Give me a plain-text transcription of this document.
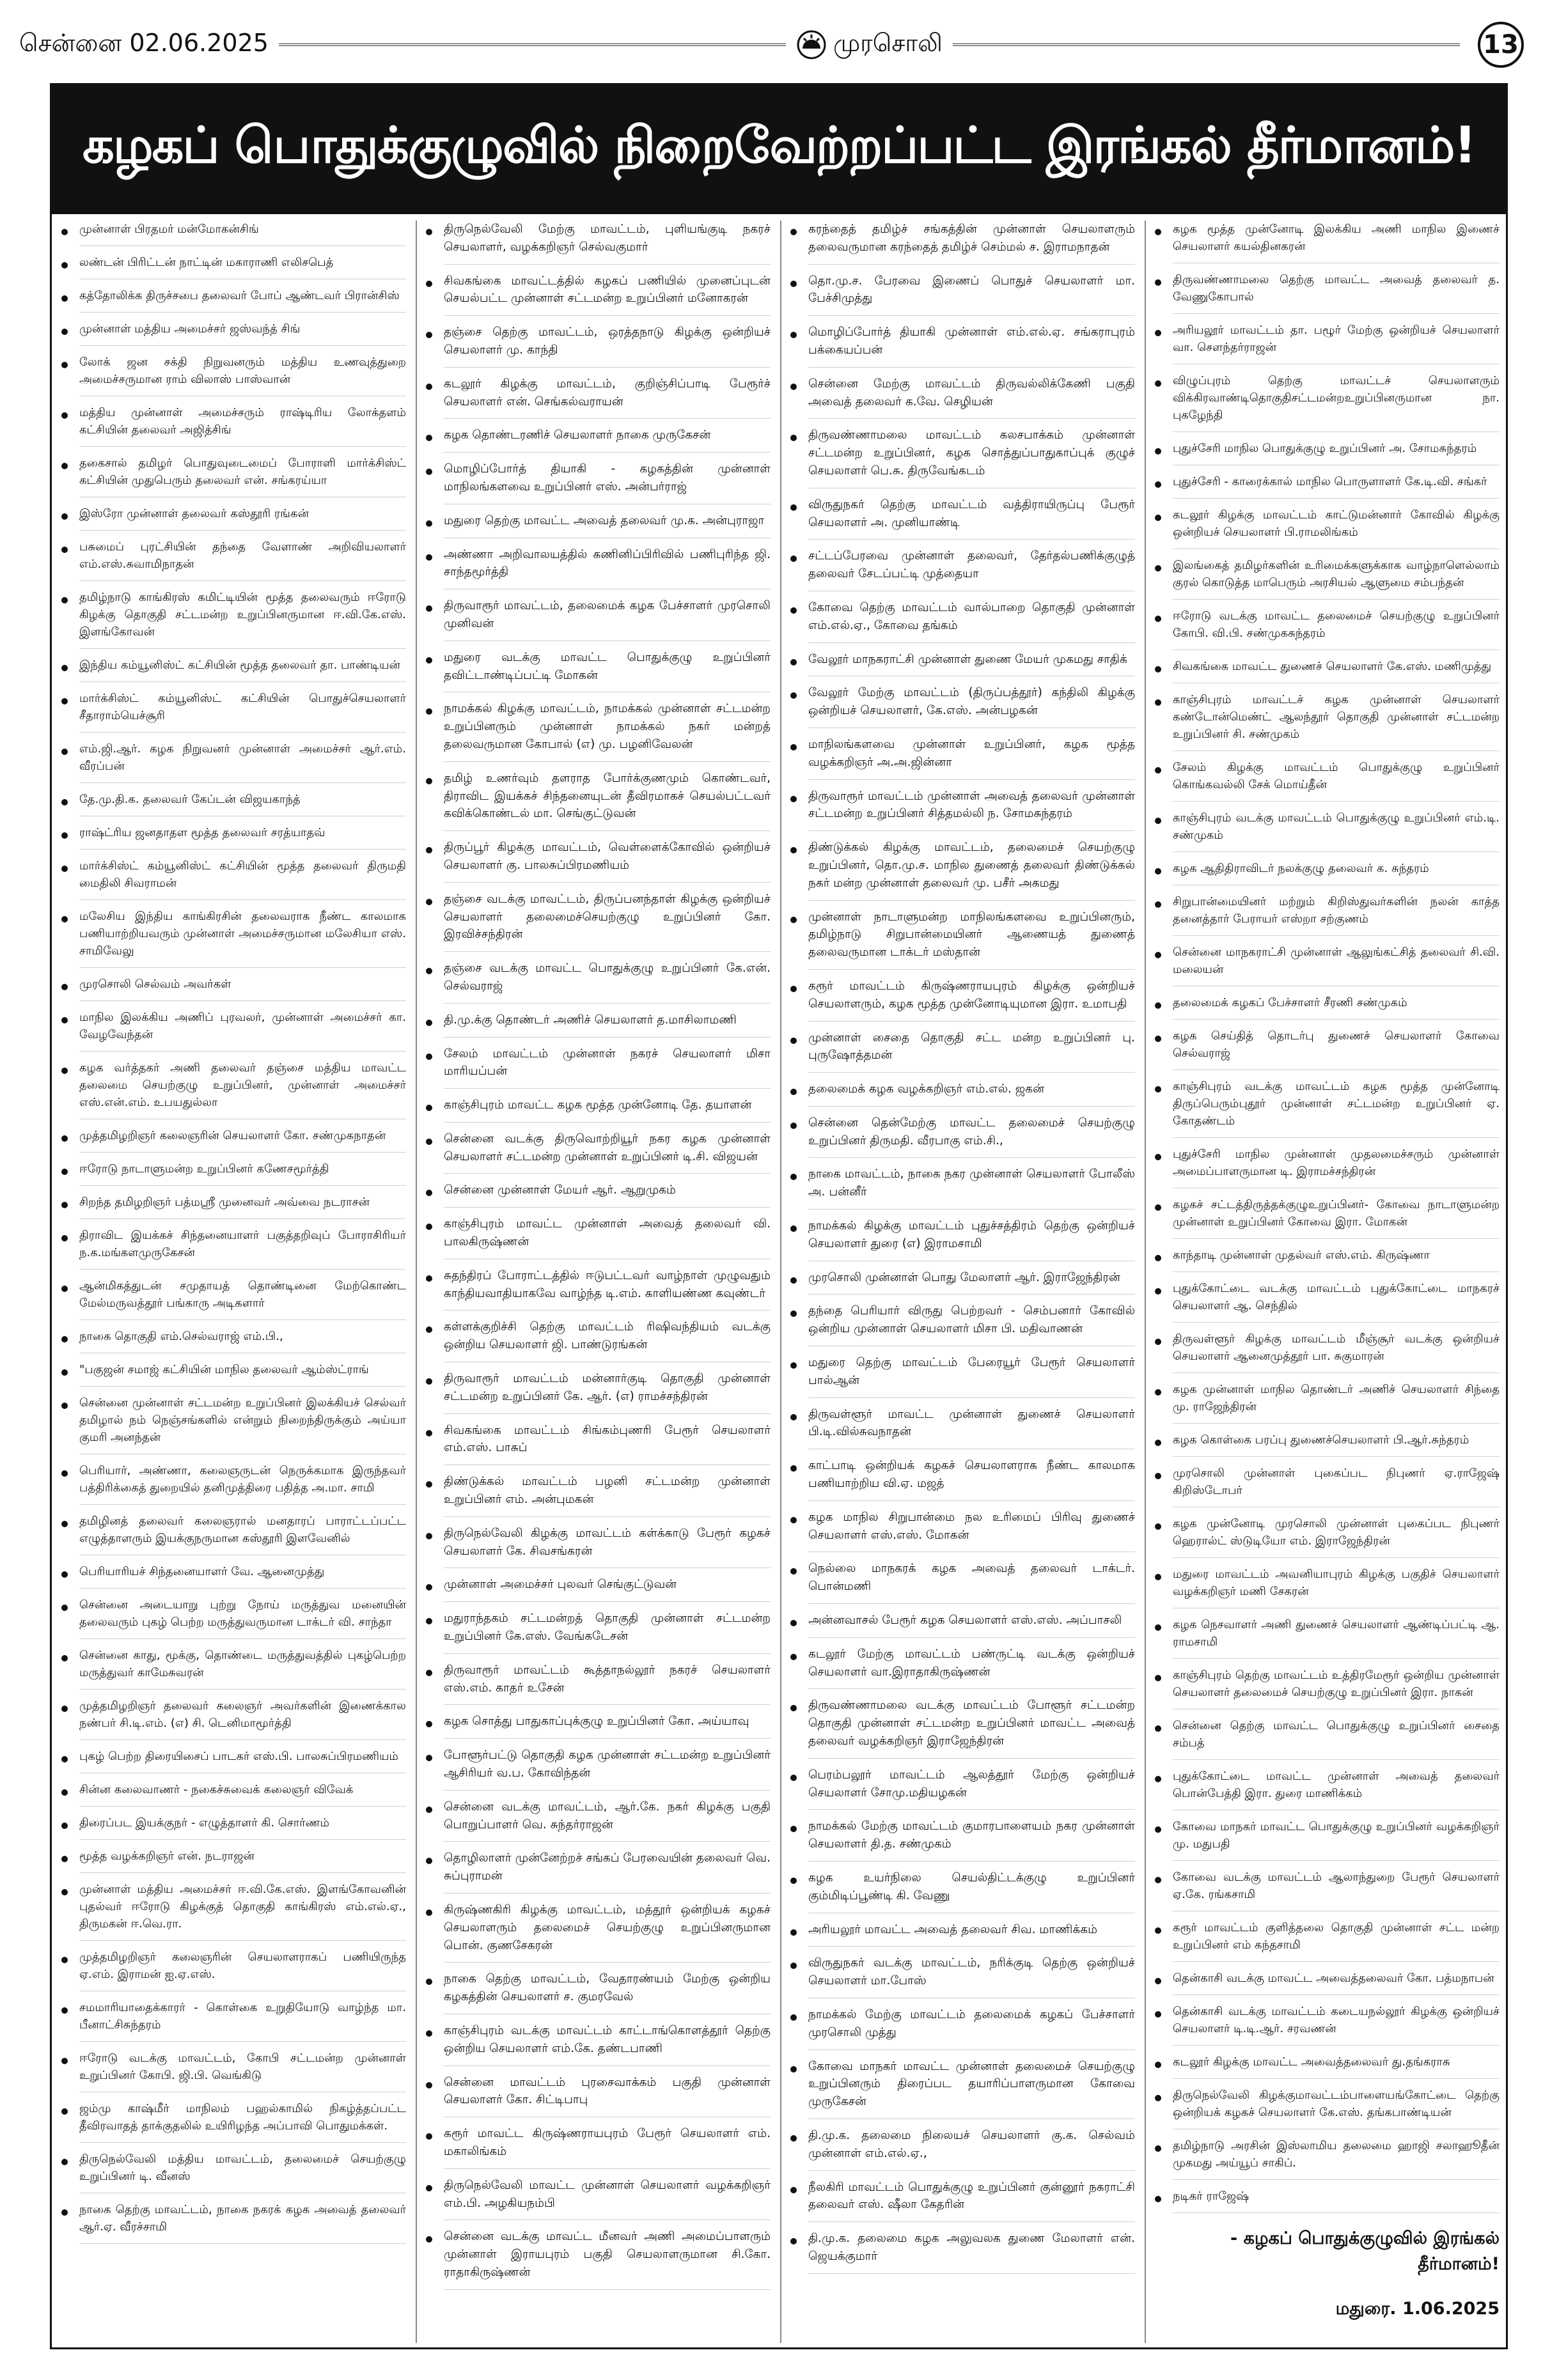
சென்னை 02.06.2025	முரசொலி	13
கழகப் பொதுக்குழுவில் நிறைவேற்றப்பட்ட இரங்கல் தீர்மானம்!
முன்னாள் பிரதமர் மன்மோகன்சிங்
லண்டன் பிரிட்டன் நாட்டின் மகாராணி எலிசபெத்
கத்தோலிக்க திருச்சபை தலைவர் போப் ஆண்டவர் பிரான்சிஸ்
முன்னாள் மத்திய அமைச்சர் ஜஸ்வந்த் சிங்
லோக் ஜன சக்தி நிறுவனரும் மத்திய உணவுத்துறை அமைச்சருமான ராம் விலாஸ் பாஸ்வான்
மத்திய முன்னாள் அமைச்சரும் ராஷ்டிரிய லோக்தளம் கட்சியின் தலைவர் அஜித்சிங்
தகைசால் தமிழர் பொதுவுடைமைப் போராளி மார்க்சிஸ்ட் கட்சியின் முதுபெரும் தலைவர் என். சங்கரய்யா
இஸ்ரோ முன்னாள் தலைவர் கஸ்தூரி ரங்கன்
பசுமைப் புரட்சியின் தந்தை வேளாண் அறிவியலாளர் எம்.எஸ்.சுவாமிநாதன்
தமிழ்நாடு காங்கிரஸ் கமிட்டியின் மூத்த தலைவரும் ஈரோடு கிழக்கு தொகுதி சட்டமன்ற உறுப்பினருமான ஈ.வி.கே.எஸ். இளங்கோவன்
இந்திய கம்யூனிஸ்ட் கட்சியின் மூத்த தலைவர் தா. பாண்டியன்
மார்க்சிஸ்ட் கம்யூனிஸ்ட் கட்சியின் பொதுச்செயலாளர் சீதாராம்யெச்சூரி
எம்.ஜி.ஆர். கழக நிறுவனர் முன்னாள் அமைச்சர் ஆர்.எம். வீரப்பன்
தே.மு.தி.க. தலைவர் கேப்டன் விஜயகாந்த்
ராஷ்ட்ரிய ஜனதாதள மூத்த தலைவர் சரத்யாதவ்
மார்க்சிஸ்ட் கம்யூனிஸ்ட் கட்சியின் மூத்த தலைவர் திருமதி மைதிலி சிவராமன்
மலேசிய இந்திய காங்கிரசின் தலைவராக நீண்ட காலமாக பணியாற்றியவரும் முன்னாள் அமைச்சருமான மலேசியா எஸ். சாமிவேலு
முரசொலி செல்வம் அவர்கள்
மாநில இலக்கிய அணிப் புரவலர், முன்னாள் அமைச்சர் கா. வேழவேந்தன்
கழக வர்த்தகர் அணி தலைவர் தஞ்சை மத்திய மாவட்ட தலைமை செயற்குழு உறுப்பினர், முன்னாள் அமைச்சர் எஸ்.என்.எம். உபயதுல்லா
முத்தமிழறிஞர் கலைஞரின் செயலாளர் கோ. சண்முகநாதன்
ஈரோடு நாடாளுமன்ற உறுப்பினர் கணேசமூர்த்தி
சிறந்த தமிழறிஞர் பத்மஸ்ரீ முனைவர் அவ்வை நடராசன்
திராவிட இயக்கச் சிந்தனையாளர் பகுத்தறிவுப் போராசிரியர் ந.க.மங்களமுருகேசன்
ஆன்மிகத்துடன் சமுதாயத் தொண்டினை மேற்கொண்ட மேல்மருவத்தூர் பங்காரு அடிகளார்
நாகை தொகுதி எம்.செல்வராஜ் எம்.பி.,
"பகுஜன் சமாஜ் கட்சியின் மாநில தலைவர் ஆம்ஸ்ட்ராங்
சென்னை முன்னாள் சட்டமன்ற உறுப்பினர் இலக்கியச் செல்வர் தமிழால் நம் நெஞ்சங்களில் என்றும் நிறைந்திருக்கும் அய்யா குமரி அனந்தன்
பெரியார், அண்ணா, கலைஞருடன் நெருக்கமாக இருந்தவர் பத்திரிக்கைத் துறையில் தனிமுத்திரை பதித்த அ.மா. சாமி
தமிழினத் தலைவர் கலைஞரால் மனதாரப் பாராட்டப்பட்ட எழுத்தாளரும் இயக்குநருமான கஸ்தூரி இளவேனில்
பெரியாரியச் சிந்தனையாளர் வே. ஆனைமுத்து
சென்னை அடையாறு புற்று நோய் மருத்துவ மனையின் தலைவரும் புகழ் பெற்ற மருத்துவருமான டாக்டர் வி. சாந்தா
சென்னை காது, மூக்கு, தொண்டை மருத்துவத்தில் புகழ்பெற்ற மருத்துவர் காமேசுவரன்
முத்தமிழறிஞர் தலைவர் கலைஞர் அவர்களின் இணைக்கால நண்பர் சி.டி.எம். (எ) சி. டெனிமாமூர்த்தி
புகழ் பெற்ற திரையிசைப் பாடகர் எஸ்.பி. பாலசுப்பிரமணியம்
சின்ன கலைவாணர் - நகைச்சுவைக் கலைஞர் விவேக்
திரைப்பட இயக்குநர் - எழுத்தாளர் கி. சொர்ணம்
மூத்த வழக்கறிஞர் என். நடராஜன்
முன்னாள் மத்திய அமைச்சர் ஈ.வி.கே.எஸ். இளங்கோவனின் புதல்வர் ஈரோடு கிழக்குத் தொகுதி காங்கிரஸ் எம்.எல்.ஏ., திருமகன் ஈ.வெ.ரா.
முத்தமிழறிஞர் கலைஞரின் செயலாளராகப் பணியிருந்த ஏ.எம். இராமன் ஐ.ஏ.எஸ்.
சமமாரியாதைக்காரர் - கொள்கை உறுதியோடு வாழ்ந்த மா. பீனாட்சிசுந்தரம்
ஈரோடு வடக்கு மாவட்டம், கோபி சட்டமன்ற முன்னாள் உறுப்பினர் கோபி. ஜி.பி. வெங்கிடு
ஜம்மு காஷ்மீர் மாநிலம் பஹல்காமில் நிகழ்த்தப்பட்ட தீவிரவாதத் தாக்குதலில் உயிரிழந்த அப்பாவி பொதுமக்கள்.
திருநெல்வேலி மத்திய மாவட்டம், தலைமைச் செயற்குழு உறுப்பினர் டி. வீனஸ்
நாகை தெற்கு மாவட்டம், நாகை நகரக் கழக அவைத் தலைவர் ஆர்.ஏ. வீரச்சாமி
திருநெல்வேலி மேற்கு மாவட்டம், புளியங்குடி நகரச் செயலாளர், வழக்கறிஞர் செல்வகுமார்
சிவகங்கை மாவட்டத்தில் கழகப் பணியில் முனைப்புடன் செயல்பட்ட முன்னாள் சட்டமன்ற உறுப்பினர் மனோகரன்
தஞ்சை தெற்கு மாவட்டம், ஒரத்தநாடு கிழக்கு ஒன்றியச் செயலாளர் மு. காந்தி
கடலூர் கிழக்கு மாவட்டம், குறிஞ்சிப்பாடி பேரூர்ச் செயலாளர் என். செங்கல்வராயன்
கழக தொண்டரணிச் செயலாளர் நாகை முருகேசன்
மொழிப்போர்த் தியாகி - கழகத்தின் முன்னாள் மாநிலங்களவை உறுப்பினர் எஸ். அன்பர்ராஜ்
மதுரை தெற்கு மாவட்ட அவைத் தலைவர் மு.க. அன்புராஜா
அண்ணா அறிவாலயத்தில் கணினிப்பிரிவில் பணிபுரிந்த ஜி. சாந்தமூர்த்தி
திருவாரூர் மாவட்டம், தலைமைக் கழக பேச்சாளர் முரசொலி முனிவன்
மதுரை வடக்கு மாவட்ட பொதுக்குழு உறுப்பினர் தவிட்டாண்டிப்பட்டி மோகன்
நாமக்கல் கிழக்கு மாவட்டம், நாமக்கல் முன்னாள் சட்டமன்ற உறுப்பினரும் முன்னாள் நாமக்கல் நகர் மன்றத் தலைவருமான கோபால் (எ) மு. பழனிவேலன்
தமிழ் உணர்வும் தளராத போர்க்குணமும் கொண்டவர், திராவிட இயக்கச் சிந்தனையுடன் தீவிரமாகச் செயல்பட்டவர் கவிக்கொண்டல் மா. செங்குட்டுவன்
திருப்பூர் கிழக்கு மாவட்டம், வெள்ளைக்கோவில் ஒன்றியச் செயலாளர் கு. பாலசுப்பிரமணியம்
தஞ்சை வடக்கு மாவட்டம், திருப்பனந்தாள் கிழக்கு ஒன்றியச் செயலாளர் தலைமைச்செயற்குழு உறுப்பினர் கோ. இரவிச்சந்திரன்
தஞ்சை வடக்கு மாவட்ட பொதுக்குழு உறுப்பினர் கே.என். செல்வராஜ்
தி.மு.க்கு தொண்டர் அணிச் செயலாளர் த.மாசிலாமணி
சேலம் மாவட்டம் முன்னாள் நகரச் செயலாளர் மிசா மாரியப்பன்
காஞ்சிபுரம் மாவட்ட கழக மூத்த முன்னோடி தே. தயாளன்
சென்னை வடக்கு திருவொற்றியூர் நகர கழக முன்னாள் செயலாளர் சட்டமன்ற முன்னாள் உறுப்பினர் டி.சி. விஜயன்
சென்னை முன்னாள் மேயர் ஆர். ஆறுமுகம்
காஞ்சிபுரம் மாவட்ட முன்னாள் அவைத் தலைவர் வி. பாலகிருஷ்ணன்
சுதந்திரப் போராட்டத்தில் ஈடுபட்டவர் வாழ்நாள் முழுவதும் காந்தியவாதியாகவே வாழ்ந்த டி.எம். காளியண்ண கவுண்டர்
கள்ளக்குறிச்சி தெற்கு மாவட்டம் ரிஷிவந்தியம் வடக்கு ஒன்றிய செயலாளர் ஜி. பாண்டுரங்கன்
திருவாரூர் மாவட்டம் மன்னார்குடி தொகுதி முன்னாள் சட்டமன்ற உறுப்பினர் கே. ஆர். (எ) ராமச்சந்திரன்
சிவகங்கை மாவட்டம் சிங்கம்புணரி பேரூர் செயலாளர் எம்.எஸ். பாசுப்
திண்டுக்கல் மாவட்டம் பழனி சட்டமன்ற முன்னாள் உறுப்பினர் எம். அன்புமகன்
திருநெல்வேலி கிழக்கு மாவட்டம் கள்க்காடு பேரூர் கழகச் செயலாளர் கே. சிவசங்கரன்
முன்னாள் அமைச்சர் புலவர் செங்குட்டுவன்
மதுராந்தகம் சட்டமன்றத் தொகுதி முன்னாள் சட்டமன்ற உறுப்பினர் கே.எஸ். வேங்கடேசன்
திருவாரூர் மாவட்டம் கூத்தாநல்லூர் நகரச் செயலாளர் எஸ்.எம். காதர் உசேன்
கழக சொத்து பாதுகாப்புக்குழு உறுப்பினர் கோ. அய்யாவு
போளூர்பட்டு தொகுதி கழக முன்னாள் சட்டமன்ற உறுப்பினர் ஆசிரியர் வ.ப. கோவிந்தன்
சென்னை வடக்கு மாவட்டம், ஆர்.கே. நகர் கிழக்கு பகுதி பொறுப்பாளர் வெ. சுந்தர்ராஜன்
தொழிலாளர் முன்னேற்றச் சங்கப் பேரவையின் தலைவர் வெ. சுப்புராமன்
கிருஷ்ணகிரி கிழக்கு மாவட்டம், மத்தூர் ஒன்றியக் கழகச் செயலாளரும் தலைமைச் செயற்குழு உறுப்பினருமான பொன். குணசேகரன்
நாகை தெற்கு மாவட்டம், வேதாரண்யம் மேற்கு ஒன்றிய கழகத்தின் செயலாளர் ச. குமரவேல்
காஞ்சிபுரம் வடக்கு மாவட்டம் காட்டாங்கொளத்தூர் தெற்கு ஒன்றிய செயலாளர் எம்.கே. தண்டபாணி
சென்னை மாவட்டம் புரசைவாக்கம் பகுதி முன்னாள் செயலாளர் கோ. சிட்டிபாபு
கரூர் மாவட்ட கிருஷ்ணராயபுரம் பேரூர் செயலாளர் எம். மகாலிங்கம்
திருநெல்வேலி மாவட்ட முன்னாள் செயலாளர் வழக்கறிஞர் எம்.பி. அழகியநம்பி
சென்னை வடக்கு மாவட்ட மீனவர் அணி அமைப்பாளரும் முன்னாள் இராயபுரம் பகுதி செயலாளருமான சி.கோ. ராதாகிருஷ்ணன்
கரந்தைத் தமிழ்ச் சங்கத்தின் முன்னாள் செயலாளரும் தலைவருமான கரந்தைத் தமிழ்ச் செம்மல் ச. இராமநாதன்
தொ.மு.ச. பேரவை இணைப் பொதுச் செயலாளர் மா. பேச்சிமுத்து
மொழிப்போர்த் தியாகி முன்னாள் எம்.எல்.ஏ. சங்கராபுரம் பக்கையப்பன்
சென்னை மேற்கு மாவட்டம் திருவல்லிக்கேணி பகுதி அவைத் தலைவர் க.வே. செழியன்
திருவண்ணாமலை மாவட்டம் கலசபாக்கம் முன்னாள் சட்டமன்ற உறுப்பினர், கழக சொத்துப்பாதுகாப்புக் குழுச் செயலாளர் பெ.சு. திருவேங்கடம்
விருதுநகர் தெற்கு மாவட்டம் வத்திராயிருப்பு பேரூர் செயலாளர் அ. முனியாண்டி
சட்டப்பேரவை முன்னாள் தலைவர், தேர்தல்பணிக்குழுத் தலைவர் சேடப்பட்டி முத்தையா
கோவை தெற்கு மாவட்டம் வால்பாறை தொகுதி முன்னாள் எம்.எல்.ஏ., கோவை தங்கம்
வேலூர் மாநகராட்சி முன்னாள் துணை மேயர் முகமது சாதிக்
வேலூர் மேற்கு மாவட்டம் (திருப்பத்தூர்) கந்திலி கிழக்கு ஒன்றியச் செயலாளர், கே.எஸ். அன்பழகன்
மாநிலங்களவை முன்னாள் உறுப்பினர், கழக மூத்த வழக்கறிஞர் அ.அ.ஜின்னா
திருவாரூர் மாவட்டம் முன்னாள் அவைத் தலைவர் முன்னாள் சட்டமன்ற உறுப்பினர் சித்தமல்லி ந. சோமசுந்தரம்
திண்டுக்கல் கிழக்கு மாவட்டம், தலைமைச் செயற்குழு உறுப்பினர், தொ.மு.ச. மாநில துணைத் தலைவர் திண்டுக்கல் நகர் மன்ற முன்னாள் தலைவர் மு. பசீர் அகமது
முன்னாள் நாடாளுமன்ற மாநிலங்களவை உறுப்பினரும், தமிழ்நாடு சிறுபான்மையினர் ஆணையத் துணைத் தலைவருமான டாக்டர் மஸ்தான்
கரூர் மாவட்டம் கிருஷ்ணராயபுரம் கிழக்கு ஒன்றியச் செயலாளரும், கழக மூத்த முன்னோடியுமான இரா. உமாபதி
முன்னாள் சைதை தொகுதி சட்ட மன்ற உறுப்பினர் பு. புருஷோத்தமன்
தலைமைக் கழக வழக்கறிஞர் எம்.எல். ஜகன்
சென்னை தென்மேற்கு மாவட்ட தலைமைச் செயற்குழு உறுப்பினர் திருமதி. வீரபாகு எம்.சி.,
நாகை மாவட்டம், நாகை நகர முன்னாள் செயலாளர் போலீஸ் அ. பன்னீர்
நாமக்கல் கிழக்கு மாவட்டம் புதுச்சத்திரம் தெற்கு ஒன்றியச் செயலாளர் துரை (எ) இராமசாமி
முரசொலி முன்னாள் பொது மேலாளர் ஆர். இராஜேந்திரன்
தந்தை பெரியார் விருது பெற்றவர் - செம்பனார் கோவில் ஒன்றிய முன்னாள் செயலாளர் மிசா பி. மதிவாணன்
மதுரை தெற்கு மாவட்டம் பேரையூர் பேரூர் செயலாளர் பால்ஆன்
திருவள்ளூர் மாவட்ட முன்னாள் துணைச் செயலாளர் பி.டி.வில்சுவநாதன்
காட்பாடி ஒன்றியக் கழகச் செயலாளராக நீண்ட காலமாக பணியாற்றிய வி.ஏ. மஜத்
கழக மாநில சிறுபான்மை நல உரிமைப் பிரிவு துணைச் செயலாளர் எஸ்.எஸ். மோகன்
நெல்லை மாநகரக் கழக அவைத் தலைவர் டாக்டர். பொன்மணி
அன்னவாசல் பேரூர் கழக செயலாளர் எஸ்.எஸ். அப்பாசலி
கடலூர் மேற்கு மாவட்டம் பண்ருட்டி வடக்கு ஒன்றியச் செயலாளர் வா.இராதாகிருஷ்ணன்
திருவண்ணாமலை வடக்கு மாவட்டம் போளூர் சட்டமன்ற தொகுதி முன்னாள் சட்டமன்ற உறுப்பினர் மாவட்ட அவைத் தலைவர் வழக்கறிஞர் இராஜேந்திரன்
பெரம்பலூர் மாவட்டம் ஆலத்தூர் மேற்கு ஒன்றியச் செயலாளர் சோமு.மதியழகன்
நாமக்கல் மேற்கு மாவட்டம் குமாரபாளையம் நகர முன்னாள் செயலாளர் தி.த. சண்முகம்
கழக உயர்நிலை செயல்திட்டக்குழு உறுப்பினர் கும்மிடிப்பூண்டி கி. வேணு
அரியலூர் மாவட்ட அவைத் தலைவர் சிவ. மாணிக்கம்
விருதுநகர் வடக்கு மாவட்டம், நரிக்குடி தெற்கு ஒன்றியச் செயலாளர் மா.போஸ்
நாமக்கல் மேற்கு மாவட்டம் தலைமைக் கழகப் பேச்சாளர் முரசொலி முத்து
கோவை மாநகர் மாவட்ட முன்னாள் தலைமைச் செயற்குழு உறுப்பினரும் திரைப்பட தயாரிப்பாளருமான கோவை முருகேசன்
தி.மு.க. தலைமை நிலையச் செயலாளர் கு.க. செல்வம் முன்னாள் எம்.எல்.ஏ.,
நீலகிரி மாவட்டம் பொதுக்குழு உறுப்பினர் குன்னூர் நகராட்சி தலைவர் எஸ். ஷீலா கேதரின்
தி.மு.க. தலைமை கழக அலுவலக துணை மேலாளர் என். ஜெயக்குமார்
கழக மூத்த முன்னோடி இலக்கிய அணி மாநில இணைச் செயலாளர் கயல்தினகரன்
திருவண்ணாமலை தெற்கு மாவட்ட அவைத் தலைவர் த. வேணுகோபால்
அரியலூர் மாவட்டம் தா. பழூர் மேற்கு ஒன்றியச் செயலாளர் வா. செளந்தர்ராஜன்
விழுப்புரம் தெற்கு மாவட்டச் செயலாளரும் விக்கிரவாண்டிதொகுதிசட்டமன்றஉறுப்பினருமான நா. புகழேந்தி
புதுச்சேரி மாநில பொதுக்குழு உறுப்பினர் அ. சோமசுந்தரம்
புதுச்சேரி - காரைக்கால் மாநில பொருளாளர் கே.டி.வி. சங்கர்
கடலூர் கிழக்கு மாவட்டம் காட்டுமன்னார் கோவில் கிழக்கு ஒன்றியச் செயலாளர் பி.ராமலிங்கம்
இலங்கைத் தமிழர்களின் உரிமைக்களுக்காக வாழ்நாளெல்லாம் குரல் கொடுத்த மாபெரும் அரசியல் ஆளுமை சம்பந்தன்
ஈரோடு வடக்கு மாவட்ட தலைமைச் செயற்குழு உறுப்பினர் கோபி. வி.பி. சண்முகசுந்தரம்
சிவகங்கை மாவட்ட துணைச் செயலாளர் கே.எஸ். மணிமுத்து
காஞ்சிபுரம் மாவட்டச் கழக முன்னாள் செயலாளர் கண்டோன்மெண்ட் ஆலந்தூர் தொகுதி முன்னாள் சட்டமன்ற உறுப்பினர் சி. சண்முகம்
சேலம் கிழக்கு மாவட்டம் பொதுக்குழு உறுப்பினர் கொங்கவல்லி சேக் மொய்தீன்
காஞ்சிபுரம் வடக்கு மாவட்டம் பொதுக்குழு உறுப்பினர் எம்.டி. சண்முகம்
கழக ஆதிதிராவிடர் நலக்குழு தலைவர் க. சுந்தரம்
சிறுபான்மையினர் மற்றும் கிறிஸ்துவர்களின் நலன் காத்த தனைத்தார் பேராயர் எஸ்றா சற்குணம்
சென்னை மாநகராட்சி முன்னாள் ஆலுங்கட்சித் தலைவர் சி.வி. மலையன்
தலைமைக் கழகப் பேச்சாளர் சீரணி சண்முகம்
கழக செய்தித் தொடர்பு துணைச் செயலாளர் கோவை செல்வராஜ்
காஞ்சிபுரம் வடக்கு மாவட்டம் கழக மூத்த முன்னோடி திருப்பெரும்புதூர் முன்னாள் சட்டமன்ற உறுப்பினர் ஏ. கோதண்டம்
புதுச்சேரி மாநில முன்னாள் முதலமைச்சரும் முன்னாள் அமைப்பாளருமான டி. இராமச்சந்திரன்
கழகச் சட்டத்திருத்தக்குழுஉறுப்பினர்- கோவை நாடாளுமன்ற முன்னாள் உறுப்பினர் கோவை இரா. மோகன்
காந்தாடி முன்னாள் முதல்வர் எஸ்.எம். கிருஷ்ணா
புதுக்கோட்டை வடக்கு மாவட்டம் புதுக்கோட்டை மாநகரச் செயலாளர் ஆ. செந்தில்
திருவள்ளூர் கிழக்கு மாவட்டம் மீஞ்சூர் வடக்கு ஒன்றியச் செயலாளர் ஆனைமுத்தூர் பா. சுகுமாரன்
கழக முன்னாள் மாநில தொண்டர் அணிச் செயலாளர் சிந்தை மு. ராஜேந்திரன்
கழக கொள்கை பரப்பு துணைச்செயலாளர் பி.ஆர்.சுந்தரம்
முரசொலி முன்னாள் புகைப்பட நிபுணர் ஏ.ராஜேஷ் கிறிஸ்டோபர்
கழக முன்னோடி முரசொலி முன்னாள் புகைப்பட நிபுணர் ஹெரால்ட் ஸ்டுடியோ எம். இராஜேந்திரன்
மதுரை மாவட்டம் அவனியாபுரம் கிழக்கு பகுதிச் செயலாளர் வழக்கறிஞர் மணி சேகரன்
கழக நெசவாளர் அணி துணைச் செயலாளர் ஆண்டிப்பட்டி ஆ. ராமசாமி
காஞ்சிபுரம் தெற்கு மாவட்டம் உத்திரமேரூர் ஒன்றிய முன்னாள் செயலாளர் தலைமைச் செயற்குழு உறுப்பினர் இரா. நாகன்
சென்னை தெற்கு மாவட்ட பொதுக்குழு உறுப்பினர் சைதை சம்பத்
புதுக்கோட்டை மாவட்ட முன்னாள் அவைத் தலைவர் பொன்பேத்தி இரா. துரை மாணிக்கம்
கோவை மாநகர் மாவட்ட பொதுக்குழு உறுப்பினர் வழக்கறிஞர் மு. மதுபதி
கோவை வடக்கு மாவட்டம் ஆலாந்துறை பேரூர் செயலாளர் ஏ.கே. ரங்கசாமி
கரூர் மாவட்டம் குளித்தலை தொகுதி முன்னாள் சட்ட மன்ற உறுப்பினர் எம் கந்தசாமி
தென்காசி வடக்கு மாவட்ட அவைத்தலைவர் கோ. பத்மநாபன்
தென்காசி வடக்கு மாவட்டம் கடையநல்லூர் கிழக்கு ஒன்றியச் செயலாளர் டி.டி.ஆர். சரவணன்
கடலூர் கிழக்கு மாவட்ட அவைத்தலைவர் து.தங்கராசு
திருநெல்வேலி கிழக்குமாவட்டம்பாளையங்கோட்டை தெற்கு ஒன்றியக் கழகச் செயலாளர் கே.எஸ். தங்கபாண்டியன்
தமிழ்நாடு அரசின் இஸ்லாமிய தலைமை ஹாஜி சலாஹூதீன் முகமது அய்யூப் சாகிப்.
நடிகர் ராஜேஷ்
- கழகப் பொதுக்குழுவில் இரங்கல் தீர்மானம்!
மதுரை. 1.06.2025
